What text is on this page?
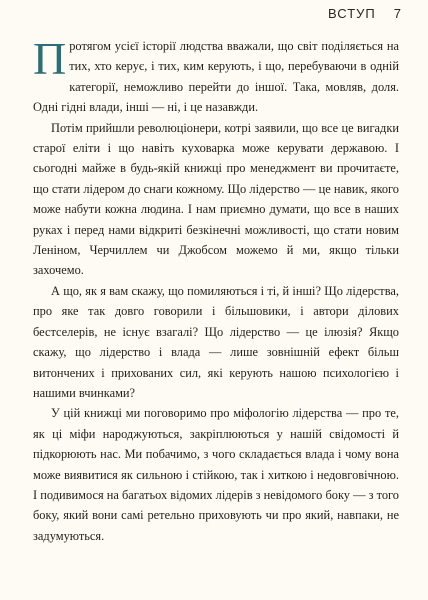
ВСТУП 7

Протягом усієї історії людства вважали, що світ поділяється на тих, хто керує, і тих, ким керують, і що, перебуваючи в одній категорії, неможливо перейти до іншої. Така, мовляв, доля. Одні гідні влади, інші — ні, і це назавжди.

Потім прийшли революціонери, котрі заявили, що все це вигадки старої еліти і що навіть куховарка може керувати державою. І сьогодні майже в будь-якій книжці про менеджмент ви прочитаєте, що стати лідером до снаги кожному. Що лідерство — це навик, якого може набути кожна людина. І нам приємно думати, що все в наших руках і перед нами відкриті безкінечні можливості, що стати новим Леніном, Черчиллем чи Джобсом можемо й ми, якщо тільки захочемо.

А що, як я вам скажу, що помиляються і ті, й інші? Що лідерства, про яке так довго говорили і більшовики, і автори ділових бестселерів, не існує взагалі? Що лідерство — це ілюзія? Якщо скажу, що лідерство і влада — лише зовнішній ефект більш витончених і прихованих сил, які керують нашою психологією і нашими вчинками?

У цій книжці ми поговоримо про міфологію лідерства — про те, як ці міфи народжуються, закріплюються у нашій свідомості й підкорюють нас. Ми побачимо, з чого складається влада і чому вона може виявитися як сильною і стійкою, так і хиткою і недовговічною. І подивимося на багатьох відомих лідерів з невідомого боку — з того боку, який вони самі ретельно приховують чи про який, навпаки, не задумуються.
